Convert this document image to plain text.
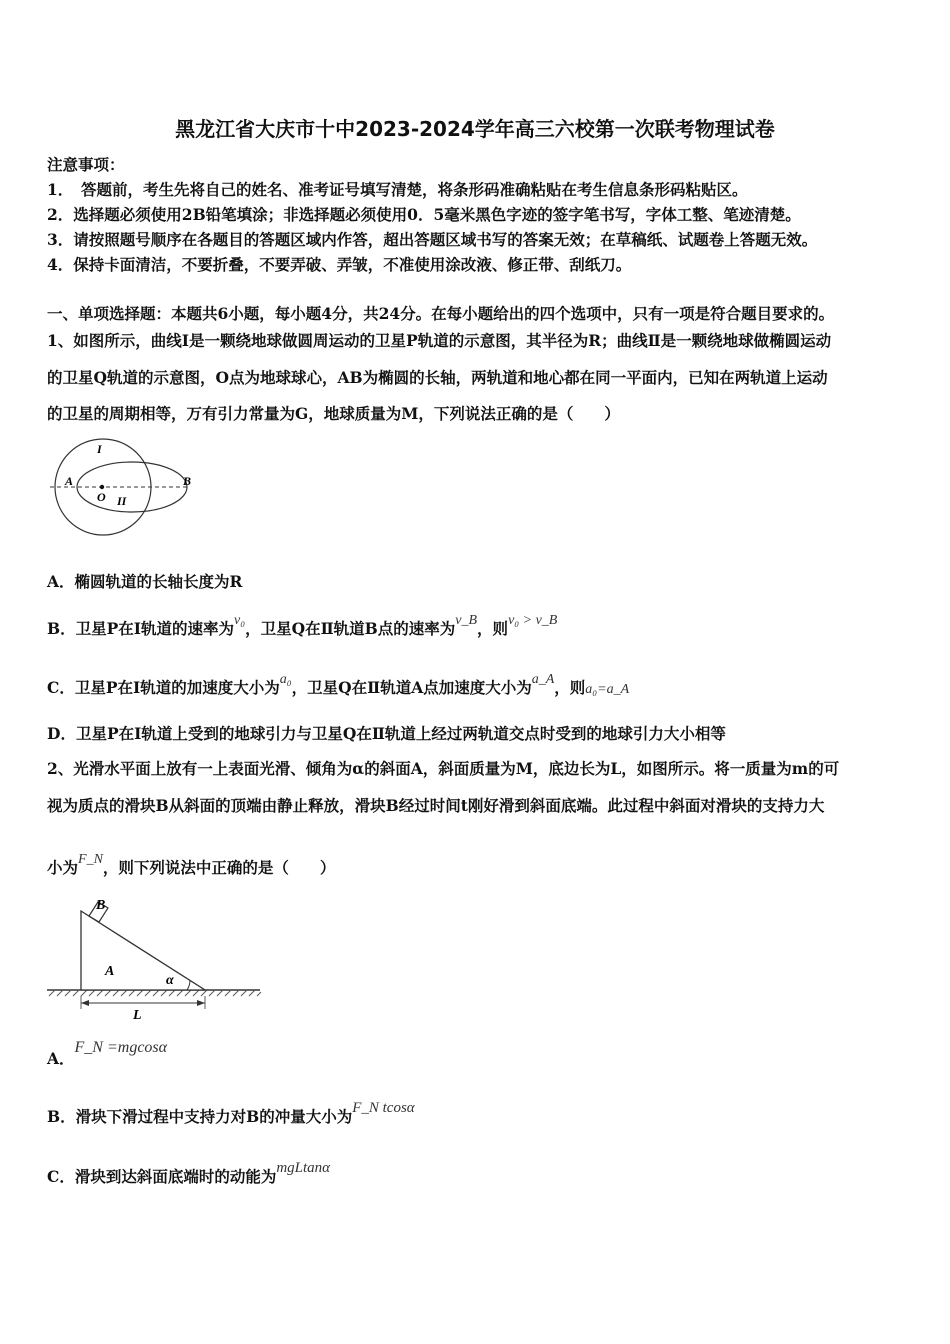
黑龙江省大庆市十中2023-2024学年高三六校第一次联考物理试卷
注意事项：
1．　答题前，考生先将自己的姓名、准考证号填写清楚，将条形码准确粘贴在考生信息条形码粘贴区。
2．选择题必须使用2B铅笔填涂；非选择题必须使用0．5毫米黑色字迹的签字笔书写，字体工整、笔迹清楚。
3．请按照题号顺序在各题目的答题区域内作答，超出答题区域书写的答案无效；在草稿纸、试题卷上答题无效。
4．保持卡面清洁，不要折叠，不要弄破、弄皱，不准使用涂改液、修正带、刮纸刀。
一、单项选择题：本题共6小题，每小题4分，共24分。在每小题给出的四个选项中，只有一项是符合题目要求的。
1、如图所示，曲线Ⅰ是一颗绕地球做圆周运动的卫星P轨道的示意图，其半径为R；曲线Ⅱ是一颗绕地球做椭圆运动
的卫星Q轨道的示意图，O点为地球球心，AB为椭圆的长轴，两轨道和地心都在同一平面内，已知在两轨道上运动
的卫星的周期相等，万有引力常量为G，地球质量为M，下列说法正确的是（　　）
I
A
O II
B
A．椭圆轨道的长轴长度为R
B．卫星P在Ⅰ轨道的速率为v₀，卫星Q在Ⅱ轨道B点的速率为v_B，则v₀ > v_B
C．卫星P在Ⅰ轨道的加速度大小为a₀，卫星Q在Ⅱ轨道A点加速度大小为a_A，则a₀=a_A
D．卫星P在Ⅰ轨道上受到的地球引力与卫星Q在Ⅱ轨道上经过两轨道交点时受到的地球引力大小相等
2、光滑水平面上放有一上表面光滑、倾角为α的斜面A，斜面质量为M，底边长为L，如图所示。将一质量为m的可
视为质点的滑块B从斜面的顶端由静止释放，滑块B经过时间t刚好滑到斜面底端。此过程中斜面对滑块的支持力大
小为F_N，则下列说法中正确的是（　　）
B
A
α
L
A．F_N =mgcosα
B．滑块下滑过程中支持力对B的冲量大小为F_N tcosα
C．滑块到达斜面底端时的动能为mgLtanα
